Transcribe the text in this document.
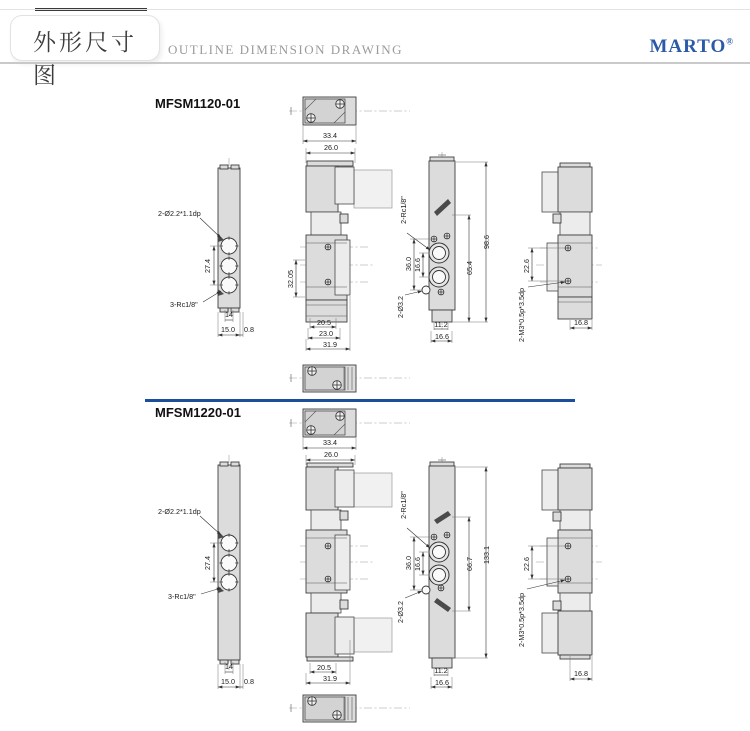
外形尺寸图
OUTLINE DIMENSION DRAWING	MARTO®
MFSM1120-01
MFSM1220-01
33.4
27.4
2-Ø2.2*1.1dp
3-Rc1/8"
14
15.0 0.8
26.0
32.05
20.5
23.0
31.9
36.0 16.6	65.4
98.6
2-Rc1/8"
2-Ø3.2
11.2
16.6
22.6
2-M3*0.5p*3.5dp	16.8
33.4
27.4
2-Ø2.2*1.1dp
3-Rc1/8"
14
15.0 0.8
26.0
20.5
31.9
36.0 16.6	66.7 133.1
2-Rc1/8"
2-Ø3.2
11.2
16.6
22.6
2-M3*0.5p*3.5dp
16.8
